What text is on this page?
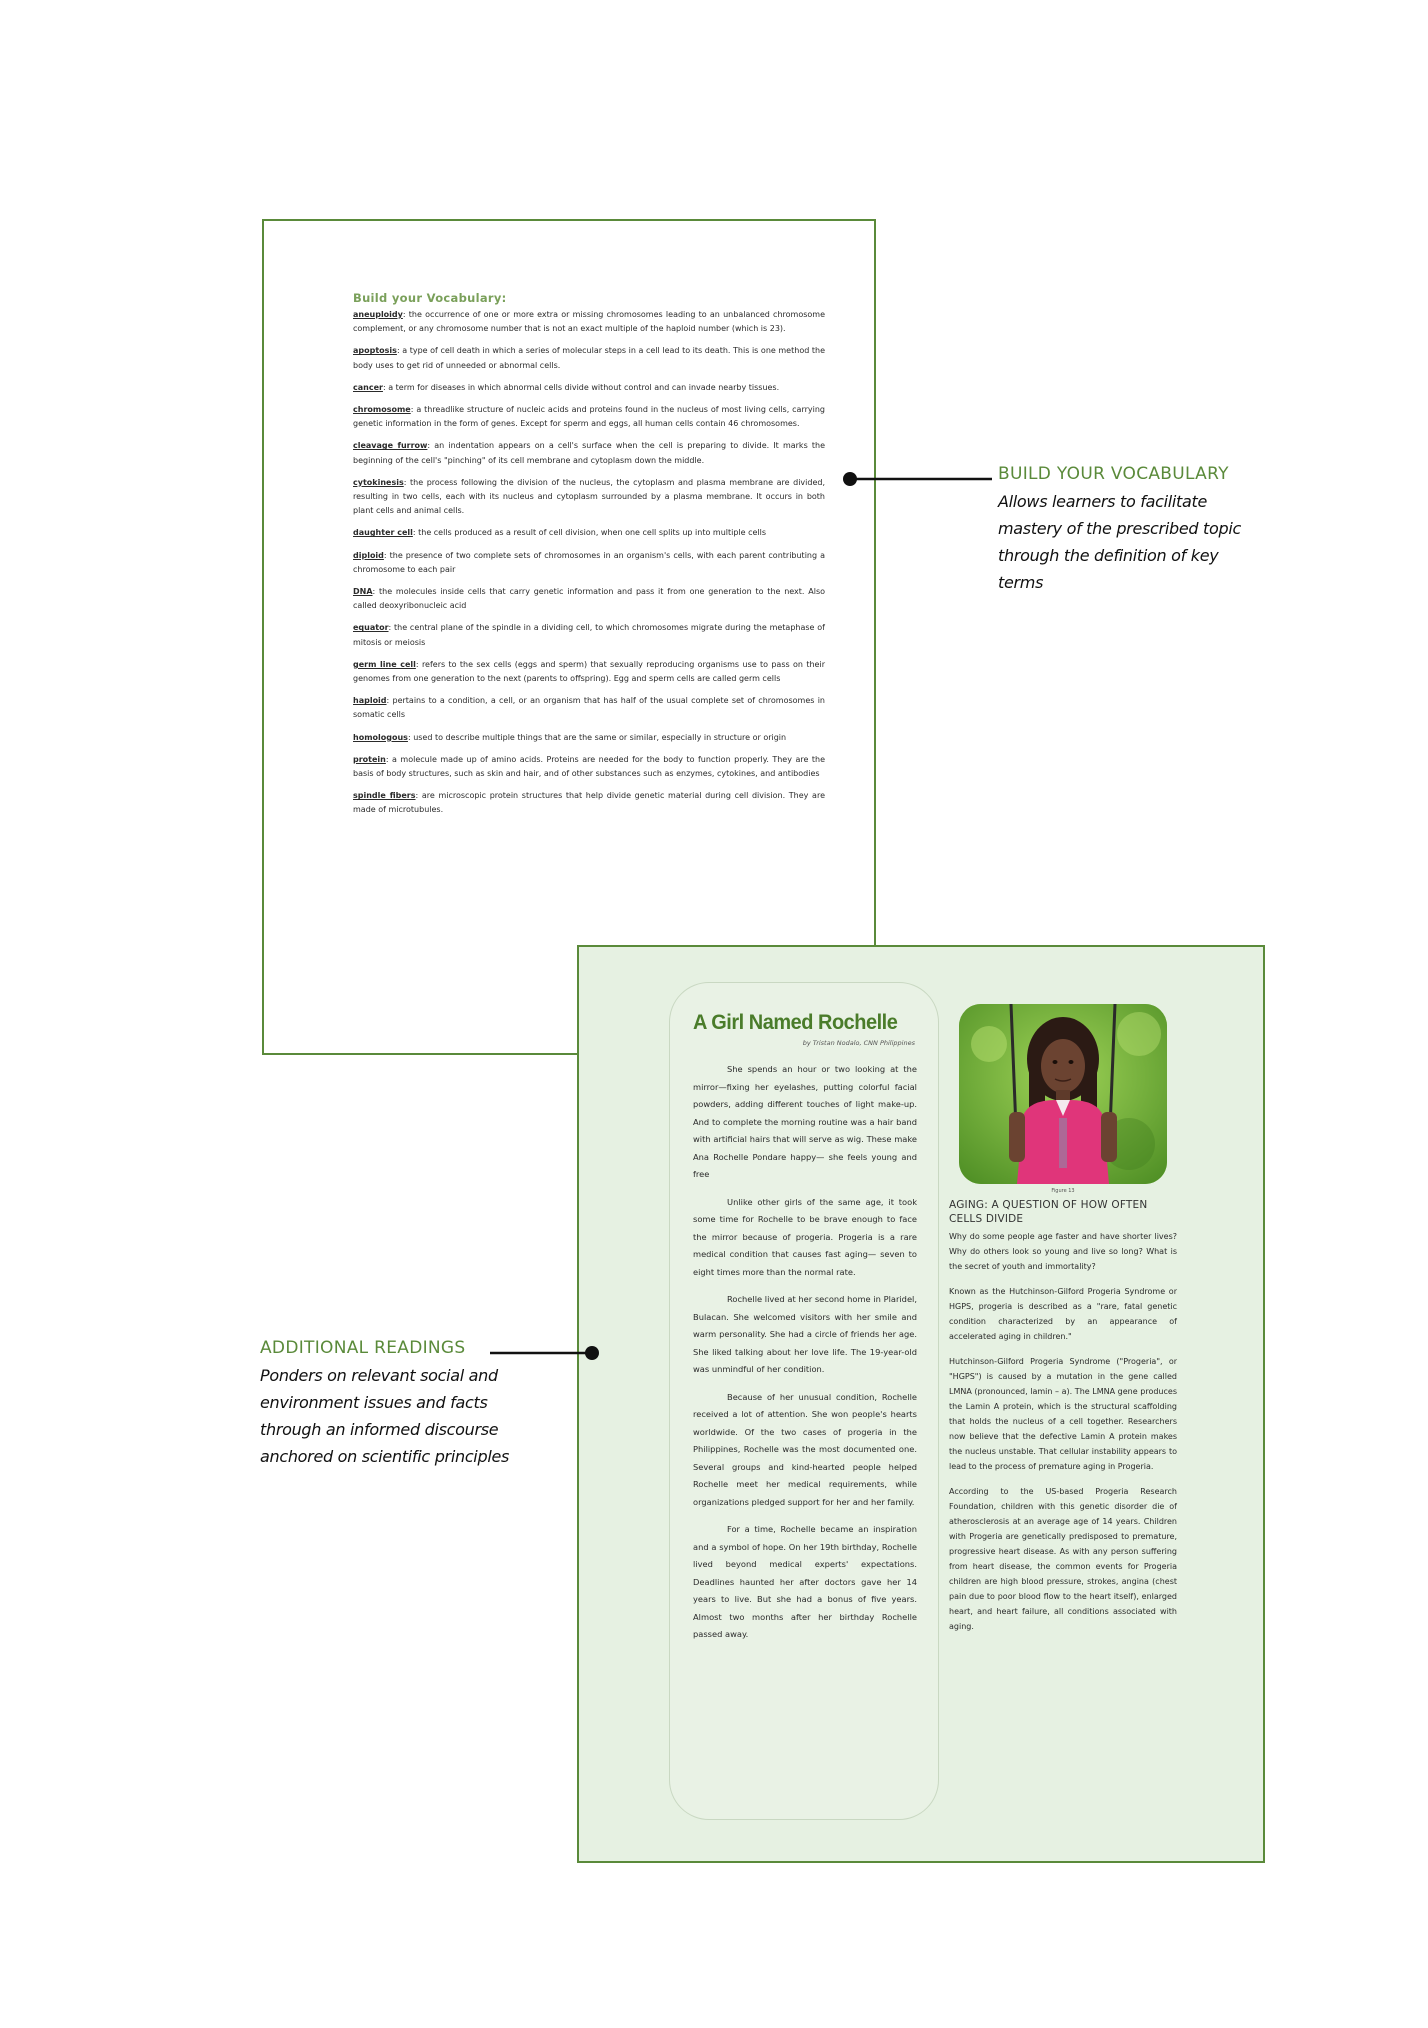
Build your Vocabulary:

aneuploidy: the occurrence of one or more extra or missing chromosomes leading to an unbalanced chromosome complement, or any chromosome number that is not an exact multiple of the haploid number (which is 23).

apoptosis: a type of cell death in which a series of molecular steps in a cell lead to its death. This is one method the body uses to get rid of unneeded or abnormal cells.

cancer: a term for diseases in which abnormal cells divide without control and can invade nearby tissues.

chromosome: a threadlike structure of nucleic acids and proteins found in the nucleus of most living cells, carrying genetic information in the form of genes. Except for sperm and eggs, all human cells contain 46 chromosomes.

cleavage furrow: an indentation appears on a cell's surface when the cell is preparing to divide. It marks the beginning of the cell's "pinching" of its cell membrane and cytoplasm down the middle.

cytokinesis: the process following the division of the nucleus, the cytoplasm and plasma membrane are divided, resulting in two cells, each with its nucleus and cytoplasm surrounded by a plasma membrane. It occurs in both plant cells and animal cells.

daughter cell: the cells produced as a result of cell division, when one cell splits up into multiple cells

diploid: the presence of two complete sets of chromosomes in an organism's cells, with each parent contributing a chromosome to each pair

DNA: the molecules inside cells that carry genetic information and pass it from one generation to the next. Also called deoxyribonucleic acid

equator: the central plane of the spindle in a dividing cell, to which chromosomes migrate during the metaphase of mitosis or meiosis

germ line cell: refers to the sex cells (eggs and sperm) that sexually reproducing organisms use to pass on their genomes from one generation to the next (parents to offspring). Egg and sperm cells are called germ cells

haploid: pertains to a condition, a cell, or an organism that has half of the usual complete set of chromosomes in somatic cells

homologous: used to describe multiple things that are the same or similar, especially in structure or origin

protein: a molecule made up of amino acids. Proteins are needed for the body to function properly. They are the basis of body structures, such as skin and hair, and of other substances such as enzymes, cytokines, and antibodies

spindle fibers: are microscopic protein structures that help divide genetic material during cell division. They are made of microtubules.

A Girl Named Rochelle
by Tristan Nodalo, CNN Philippines

She spends an hour or two looking at the mirror—fixing her eyelashes, putting colorful facial powders, adding different touches of light make-up. And to complete the morning routine was a hair band with artificial hairs that will serve as wig. These make Ana Rochelle Pondare happy— she feels young and free

Unlike other girls of the same age, it took some time for Rochelle to be brave enough to face the mirror because of progeria. Progeria is a rare medical condition that causes fast aging— seven to eight times more than the normal rate.

Rochelle lived at her second home in Plaridel, Bulacan. She welcomed visitors with her smile and warm personality. She had a circle of friends her age. She liked talking about her love life. The 19-year-old was unmindful of her condition.

Because of her unusual condition, Rochelle received a lot of attention. She won people's hearts worldwide. Of the two cases of progeria in the Philippines, Rochelle was the most documented one. Several groups and kind-hearted people helped Rochelle meet her medical requirements, while organizations pledged support for her and her family.

For a time, Rochelle became an inspiration and a symbol of hope. On her 19th birthday, Rochelle lived beyond medical experts' expectations. Deadlines haunted her after doctors gave her 14 years to live. But she had a bonus of five years. Almost two months after her birthday Rochelle passed away.

Figure 13
AGING: A QUESTION OF HOW OFTEN CELLS DIVIDE

Why do some people age faster and have shorter lives? Why do others look so young and live so long? What is the secret of youth and immortality?

Known as the Hutchinson-Gilford Progeria Syndrome or HGPS, progeria is described as a "rare, fatal genetic condition characterized by an appearance of accelerated aging in children."

Hutchinson-Gilford Progeria Syndrome ("Progeria", or "HGPS") is caused by a mutation in the gene called LMNA (pronounced, lamin – a). The LMNA gene produces the Lamin A protein, which is the structural scaffolding that holds the nucleus of a cell together. Researchers now believe that the defective Lamin A protein makes the nucleus unstable. That cellular instability appears to lead to the process of premature aging in Progeria.

According to the US-based Progeria Research Foundation, children with this genetic disorder die of atherosclerosis at an average age of 14 years. Children with Progeria are genetically predisposed to premature, progressive heart disease. As with any person suffering from heart disease, the common events for Progeria children are high blood pressure, strokes, angina (chest pain due to poor blood flow to the heart itself), enlarged heart, and heart failure, all conditions associated with aging.

BUILD YOUR VOCABULARY
Allows learners to facilitate mastery of the prescribed topic through the definition of key terms
ADDITIONAL READINGS
Ponders on relevant social and environment issues and facts through an informed discourse anchored on scientific principles
